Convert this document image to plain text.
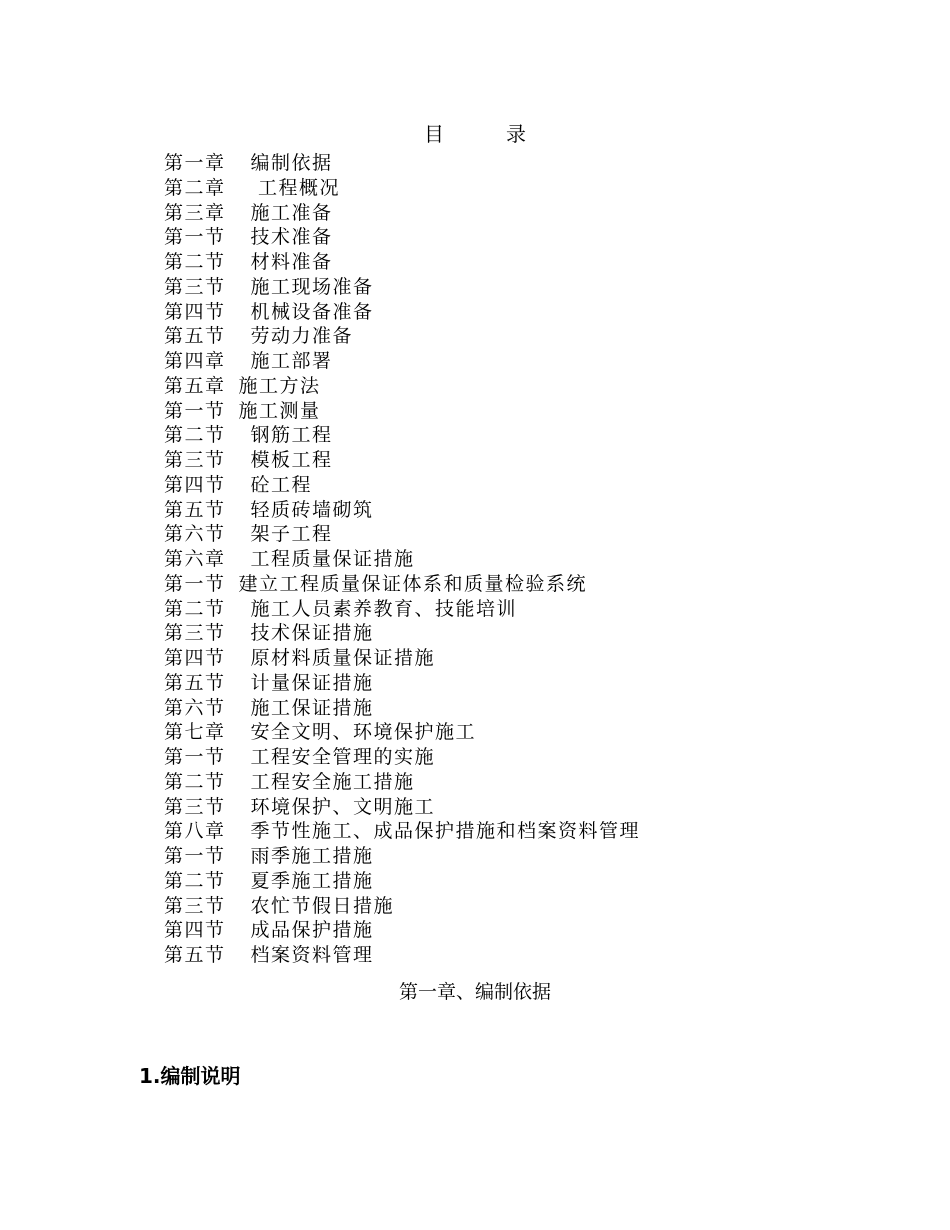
目	录
第一章 编制依据
第二章 工程概况
第三章 施工准备
第一节 技术准备
第二节 材料准备
第三节 施工现场准备
第四节 机械设备准备
第五节 劳动力准备
第四章 施工部署
第五章 施工方法
第一节 施工测量
第二节 钢筋工程
第三节 模板工程
第四节 砼工程
第五节 轻质砖墙砌筑
第六节 架子工程
第六章 工程质量保证措施
第一节 建立工程质量保证体系和质量检验系统
第二节 施工人员素养教育、技能培训
第三节 技术保证措施
第四节 原材料质量保证措施
第五节 计量保证措施
第六节 施工保证措施
第七章 安全文明、环境保护施工
第一节 工程安全管理的实施
第二节 工程安全施工措施
第三节 环境保护、文明施工
第八章 季节性施工、成品保护措施和档案资料管理
第一节 雨季施工措施
第二节 夏季施工措施
第三节 农忙节假日措施
第四节 成品保护措施
第五节 档案资料管理
第一章、编制依据
1.编制说明
